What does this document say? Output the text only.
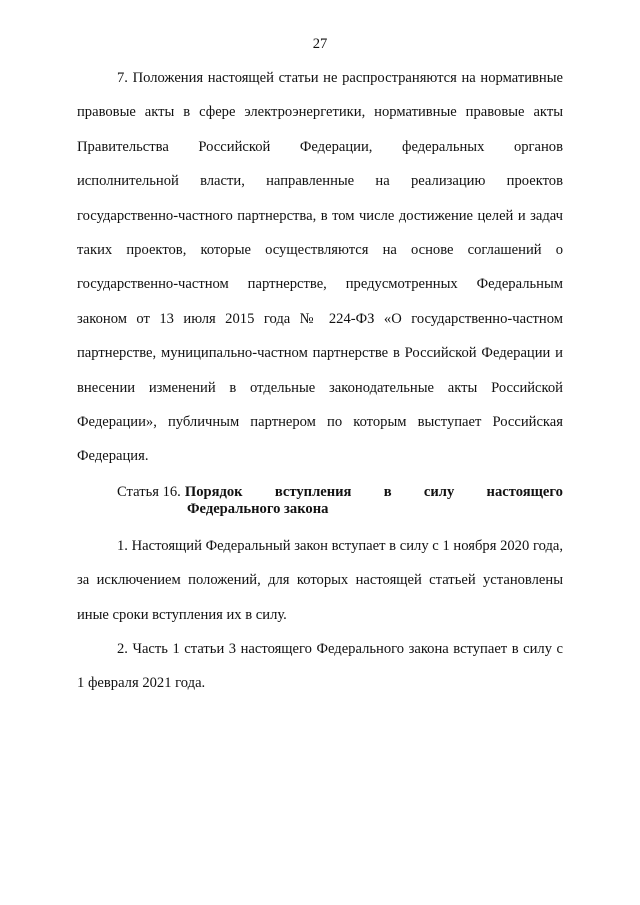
27

7. Положения настоящей статьи не распространяются на нормативные правовые акты в сфере электроэнергетики, нормативные правовые акты Правительства Российской Федерации, федеральных органов исполнительной власти, направленные на реализацию проектов государственно-частного партнерства, в том числе достижение целей и задач таких проектов, которые осуществляются на основе соглашений о государственно-частном партнерстве, предусмотренных Федеральным законом от 13 июля 2015 года № 224-ФЗ «О государственно-частном партнерстве, муниципально-частном партнерстве в Российской Федерации и внесении изменений в отдельные законодательные акты Российской Федерации», публичным партнером по которым выступает Российская Федерация.

Статья 16. Порядок вступления в силу настоящего
Федерального закона

1. Настоящий Федеральный закон вступает в силу с 1 ноября 2020 года, за исключением положений, для которых настоящей статьей установлены иные сроки вступления их в силу.

2. Часть 1 статьи 3 настоящего Федерального закона вступает в силу с 1 февраля 2021 года.
